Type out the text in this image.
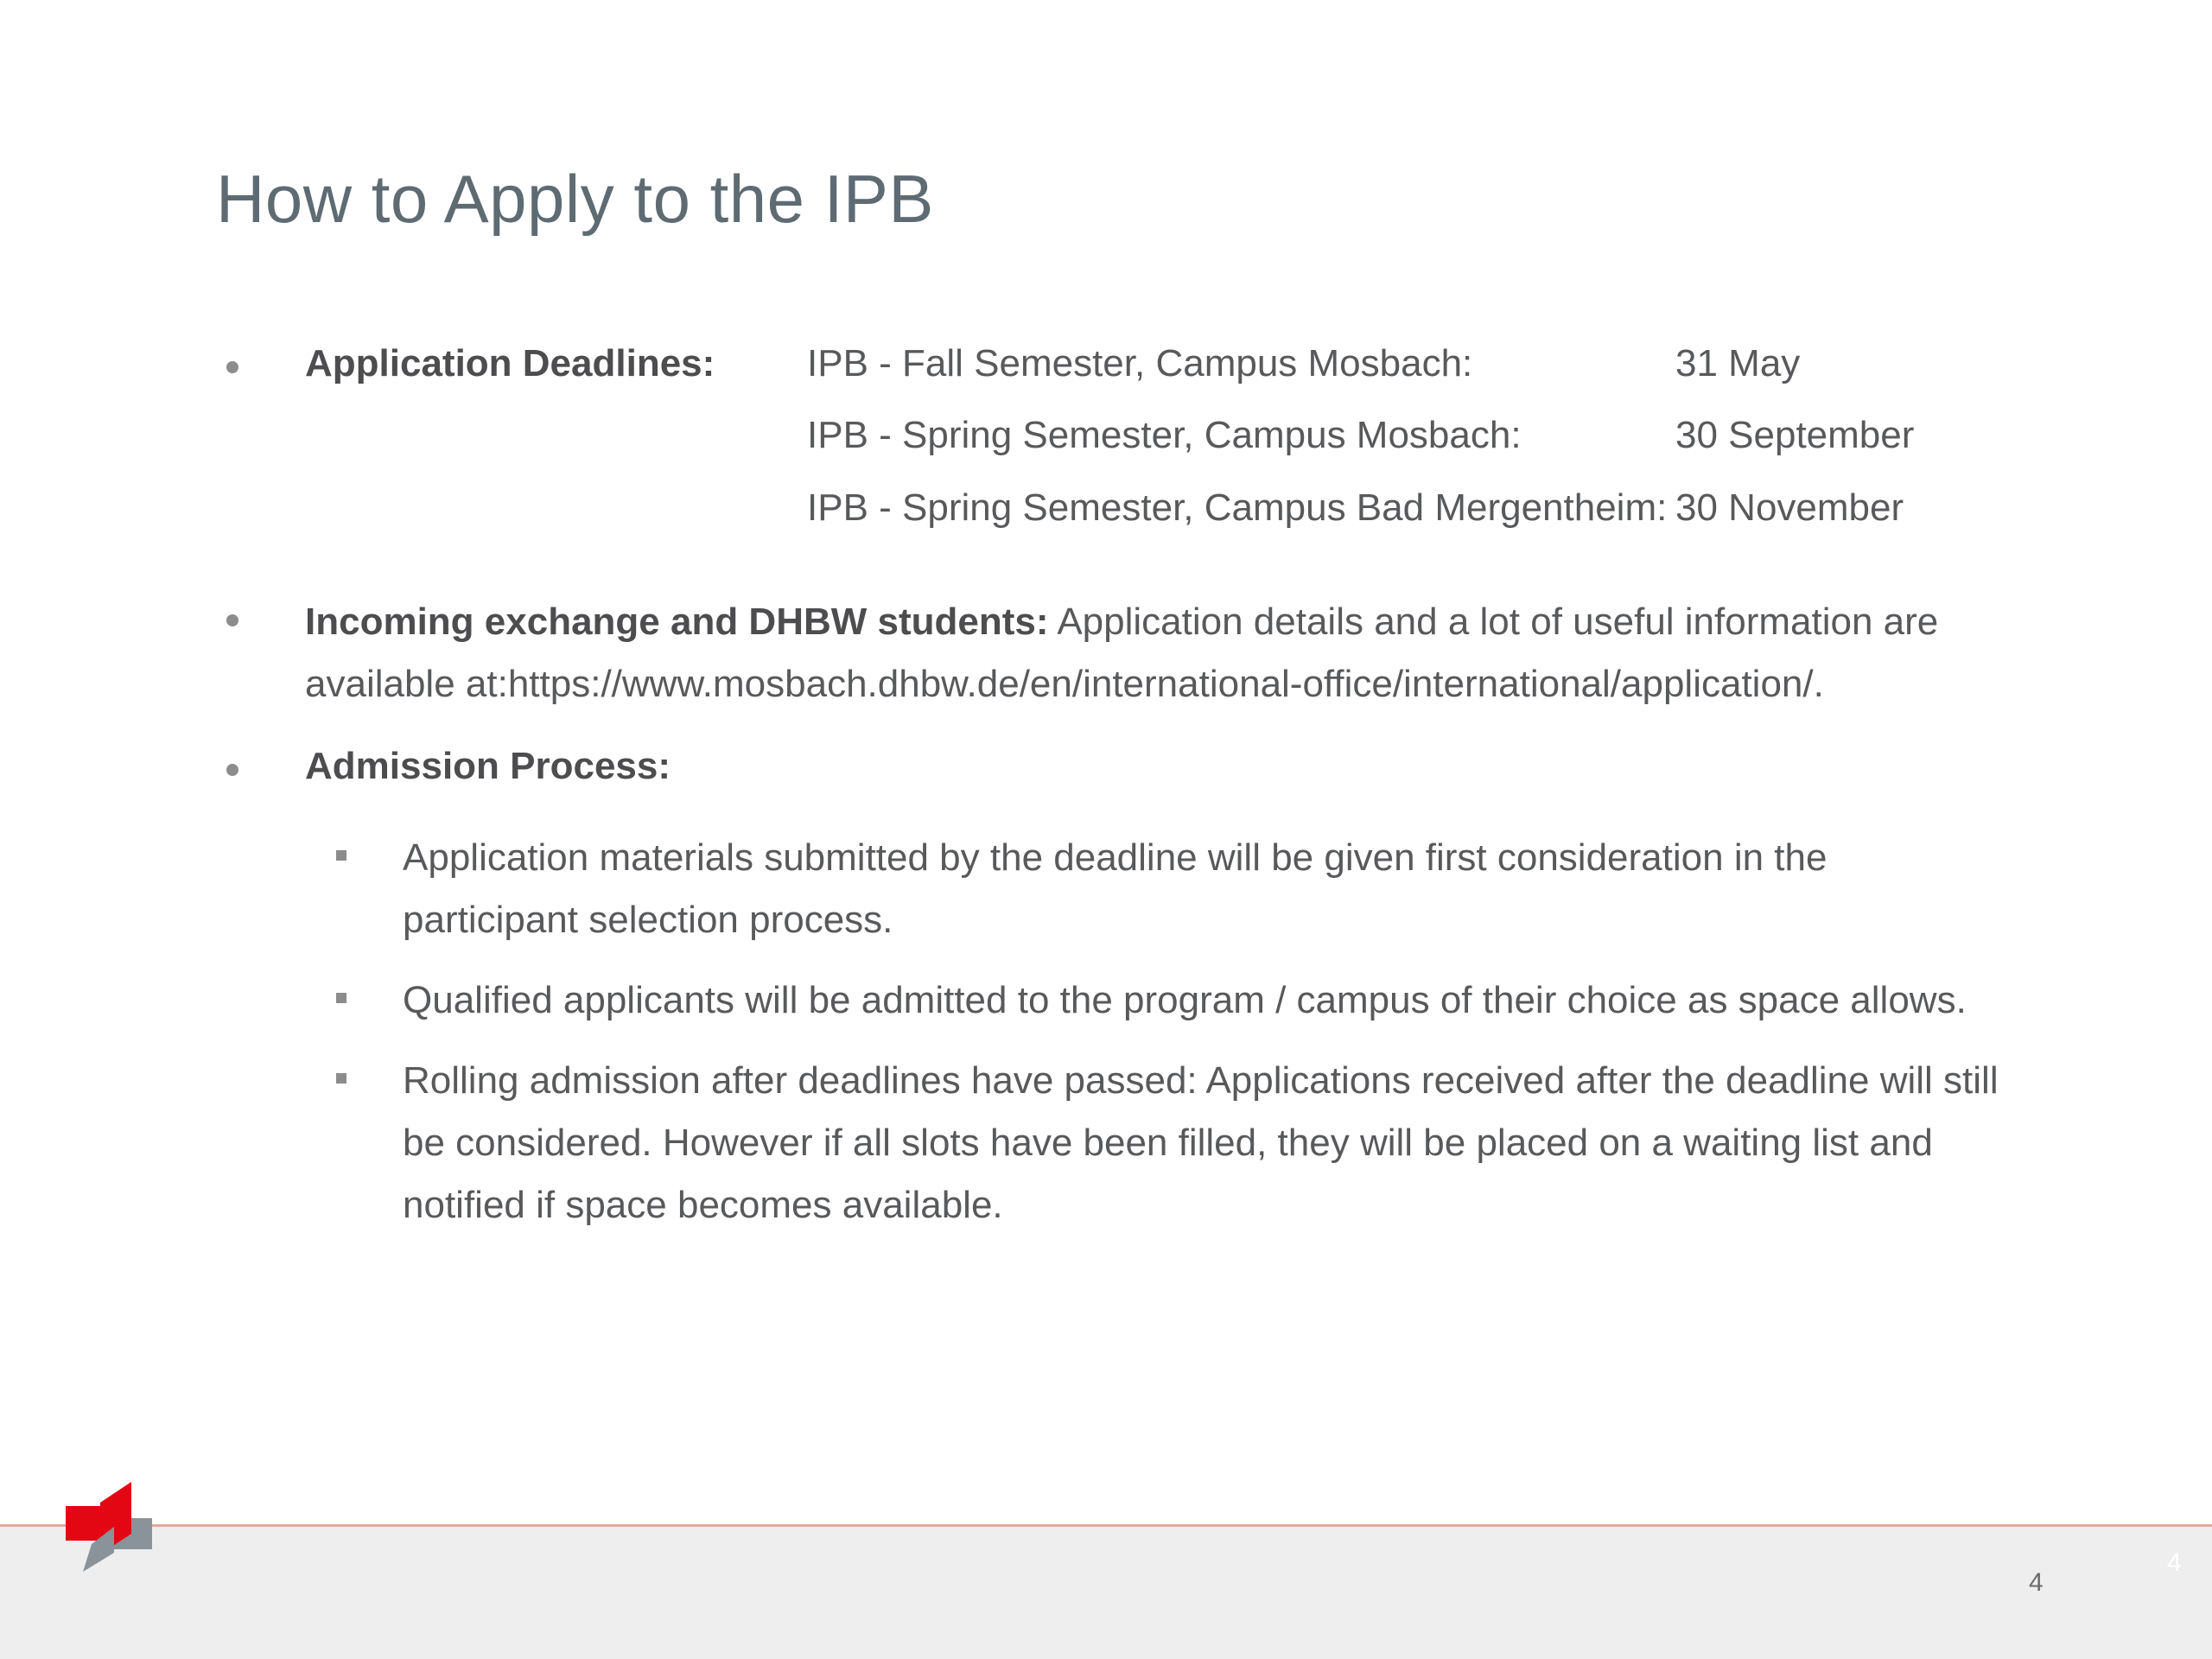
How to Apply to the IPB
Application Deadlines: IPB - Fall Semester, Campus Mosbach:	31 May
IPB - Spring Semester, Campus Mosbach:	30 September
IPB - Spring Semester, Campus Bad Mergentheim: 30 November
Incoming exchange and DHBW students: Application details and a lot of useful information are
available at:https://www.mosbach.dhbw.de/en/international-office/international/application/.
Admission Process:
Application materials submitted by the deadline will be given first consideration in the
participant selection process.
Qualified applicants will be admitted to the program / campus of their choice as space allows.
Rolling admission after deadlines have passed: Applications received after the deadline will still
be considered. However if all slots have been filled, they will be placed on a waiting list and
notified if space becomes available.
4
4
